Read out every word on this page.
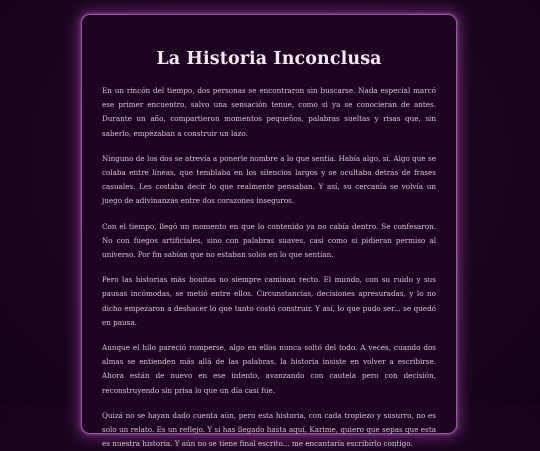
La Historia Inconclusa

En un rincón del tiempo, dos personas se encontraron sin buscarse. Nada especial marcó ese primer encuentro, salvo una sensación tenue, como si ya se conocieran de antes. Durante un año, compartieron momentos pequeños, palabras sueltas y risas que, sin saberlo, empezaban a construir un lazo.

Ninguno de los dos se atrevía a ponerle nombre a lo que sentía. Había algo, sí. Algo que se colaba entre líneas, que temblaba en los silencios largos y se ocultaba detrás de frases casuales. Les costaba decir lo que realmente pensaban. Y así, su cercanía se volvía un juego de adivinanzas entre dos corazones inseguros.

Con el tiempo, llegó un momento en que lo contenido ya no cabía dentro. Se confesaron. No con fuegos artificiales, sino con palabras suaves, casi como si pidieran permiso al universo. Por fin sabían que no estaban solos en lo que sentían.

Pero las historias más bonitas no siempre caminan recto. El mundo, con su ruido y sus pausas incómodas, se metió entre ellos. Circunstancias, decisiones apresuradas, y lo no dicho empezaron a deshacer lo que tanto costó construir. Y así, lo que pudo ser... se quedó en pausa.

Aunque el hilo pareció romperse, algo en ellos nunca soltó del todo. A veces, cuando dos almas se entienden más allá de las palabras, la historia insiste en volver a escribirse. Ahora están de nuevo en ese intento, avanzando con cautela pero con decisión, reconstruyendo sin prisa lo que un día casi fue.

Quizá no se hayan dado cuenta aún, pero esta historia, con cada tropiezo y susurro, no es solo un relato. Es un reflejo. Y si has llegado hasta aquí, Karime, quiero que sepas que esta es nuestra historia. Y aún no se tiene final escrito... me encantaría escribirlo contigo.
